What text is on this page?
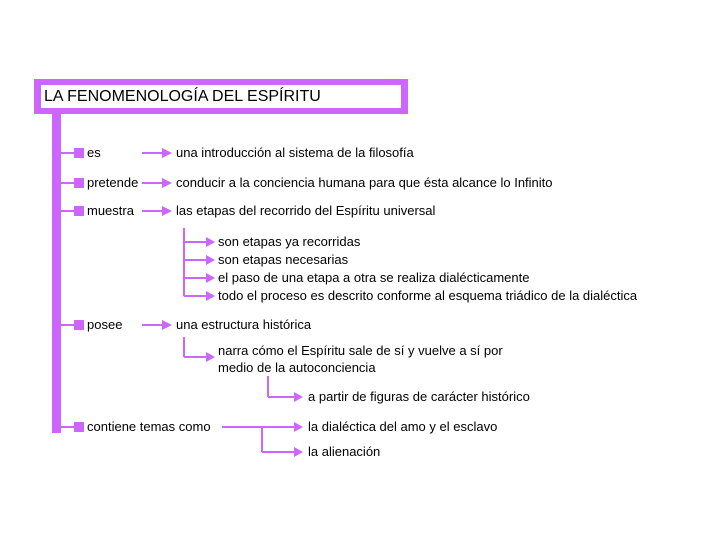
LA FENOMENOLOGÍA DEL ESPÍRITU
es	una introducción al sistema de la filosofía
pretende	conducir a la conciencia humana para que ésta alcance lo Infinito
muestra	las etapas del recorrido del Espíritu universal
son etapas ya recorridas
son etapas necesarias
el paso de una etapa a otra se realiza dialécticamente
todo el proceso es descrito conforme al esquema triádico de la dialéctica
posee	una estructura histórica
narra cómo el Espíritu sale de sí y vuelve a sí por
medio de la autoconciencia
a partir de figuras de carácter histórico
contiene temas como	la dialéctica del amo y el esclavo
la alienación
